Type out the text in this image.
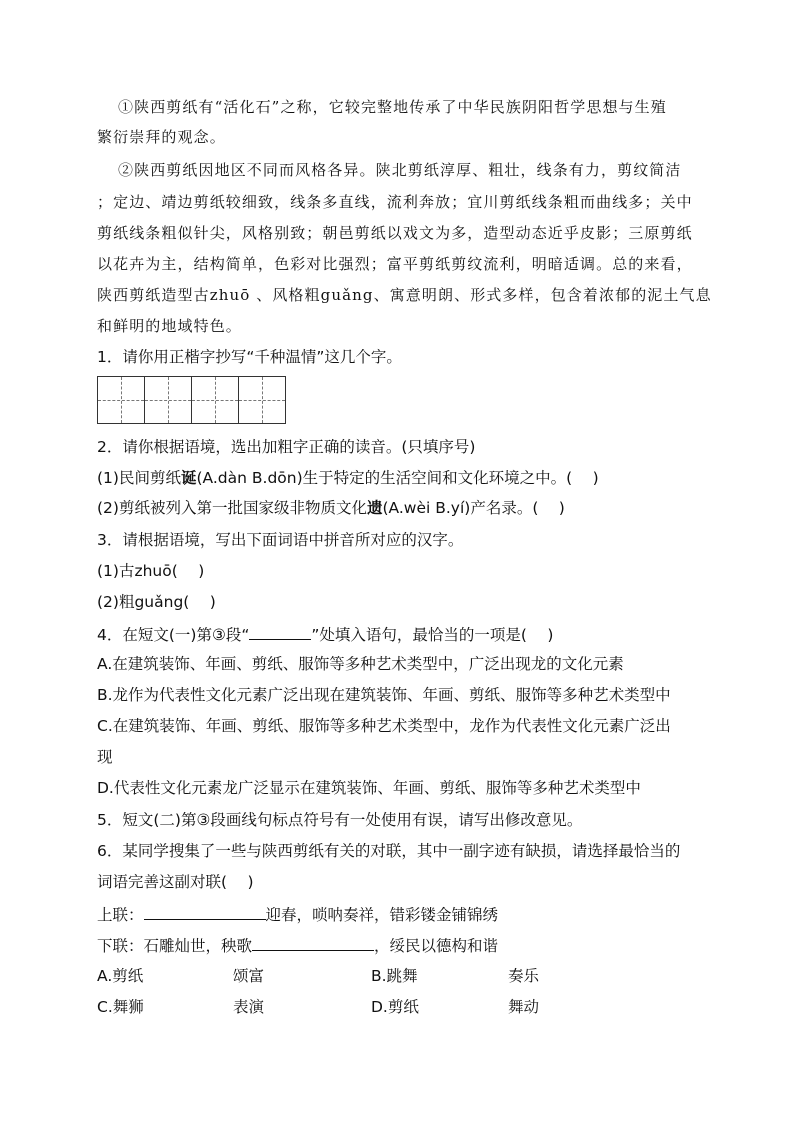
①陕西剪纸有“活化石”之称，它较完整地传承了中华民族阴阳哲学思想与生殖
繁衍崇拜的观念。
②陕西剪纸因地区不同而风格各异。陕北剪纸淳厚、粗壮，线条有力，剪纹简洁
；定边、靖边剪纸较细致，线条多直线，流利奔放；宜川剪纸线条粗而曲线多；关中
剪纸线条粗似针尖，风格别致；朝邑剪纸以戏文为多，造型动态近乎皮影；三原剪纸
以花卉为主，结构简单，色彩对比强烈；富平剪纸剪纹流利，明暗适调。总的来看，
陕西剪纸造型古zhuō 、风格粗guǎng、寓意明朗、形式多样，包含着浓郁的泥土气息
和鲜明的地域特色。
1．请你用正楷字抄写“千种温情”这几个字。
2．请你根据语境，选出加粗字正确的读音。(只填序号)
(1)民间剪纸诞(A.dàn B.dōn)生于特定的生活空间和文化环境之中。(　 )
(2)剪纸被列入第一批国家级非物质文化遗(A.wèi B.yí)产名录。(　 )
3．请根据语境，写出下面词语中拼音所对应的汉字。
(1)古zhuō(　 )
(2)粗guǎng(　 )
4．在短文(一)第③段“	”处填入语句，最恰当的一项是(　 )
A.在建筑装饰、年画、剪纸、服饰等多种艺术类型中，广泛出现龙的文化元素
B.龙作为代表性文化元素广泛出现在建筑装饰、年画、剪纸、服饰等多种艺术类型中
C.在建筑装饰、年画、剪纸、服饰等多种艺术类型中，龙作为代表性文化元素广泛出
现
D.代表性文化元素龙广泛显示在建筑装饰、年画、剪纸、服饰等多种艺术类型中
5．短文(二)第③段画线句标点符号有一处使用有误，请写出修改意见。
6．某同学搜集了一些与陕西剪纸有关的对联，其中一副字迹有缺损，请选择最恰当的
词语完善这副对联(　 )
上联：	迎春，唢呐奏祥，错彩镂金铺锦绣
下联：石雕灿世，秧歌	，绥民以德构和谐
A.剪纸	颂富	B.跳舞	奏乐
C.舞狮	表演	D.剪纸	舞动
